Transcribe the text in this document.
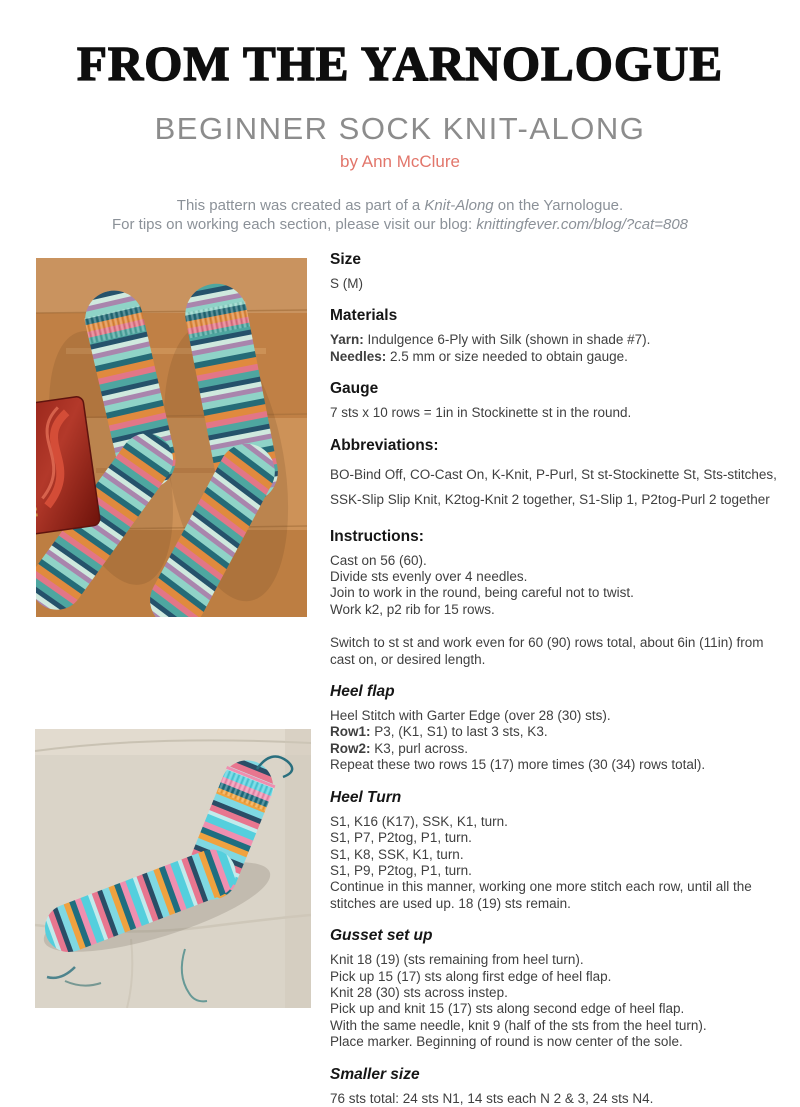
FROM THE YARNOLOGUE
BEGINNER SOCK KNIT-ALONG
by Ann McClure
This pattern was created as part of a Knit-Along on the Yarnologue.
For tips on working each section, please visit our blog: knittingfever.com/blog/?cat=808
Size

S (M)

Materials

Yarn: Indulgence 6-Ply with Silk (shown in shade #7).
Needles: 2.5 mm or size needed to obtain gauge.

Gauge

7 sts x 10 rows = 1in in Stockinette st in the round.

Abbreviations:

BO-Bind Off, CO-Cast On, K-Knit, P-Purl, St st-Stockinette St, Sts-stitches, SSK-Slip Slip Knit, K2tog-Knit 2 together, S1-Slip 1, P2tog-Purl 2 together

Instructions:

Cast on 56 (60).
Divide sts evenly over 4 needles.
Join to work in the round, being careful not to twist.
Work k2, p2 rib for 15 rows.

Switch to st st and work even for 60 (90) rows total, about 6in (11in) from cast on, or desired length.

Heel flap

Heel Stitch with Garter Edge (over 28 (30) sts).
Row1: P3, (K1, S1) to last 3 sts, K3.
Row2: K3, purl across.
Repeat these two rows 15 (17) more times (30 (34) rows total).

Heel Turn

S1, K16 (K17), SSK, K1, turn.
S1, P7, P2tog, P1, turn.
S1, K8, SSK, K1, turn.
S1, P9, P2tog, P1, turn.
Continue in this manner, working one more stitch each row, until all the stitches are used up. 18 (19) sts remain.

Gusset set up

Knit 18 (19) (sts remaining from heel turn).
Pick up 15 (17) sts along first edge of heel flap.
Knit 28 (30) sts across instep.
Pick up and knit 15 (17) sts along second edge of heel flap.
With the same needle, knit 9 (half of the sts from the heel turn).
Place marker. Beginning of round is now center of the sole.

Smaller size

76 sts total: 24 sts N1, 14 sts each N 2 & 3, 24 sts N4.
